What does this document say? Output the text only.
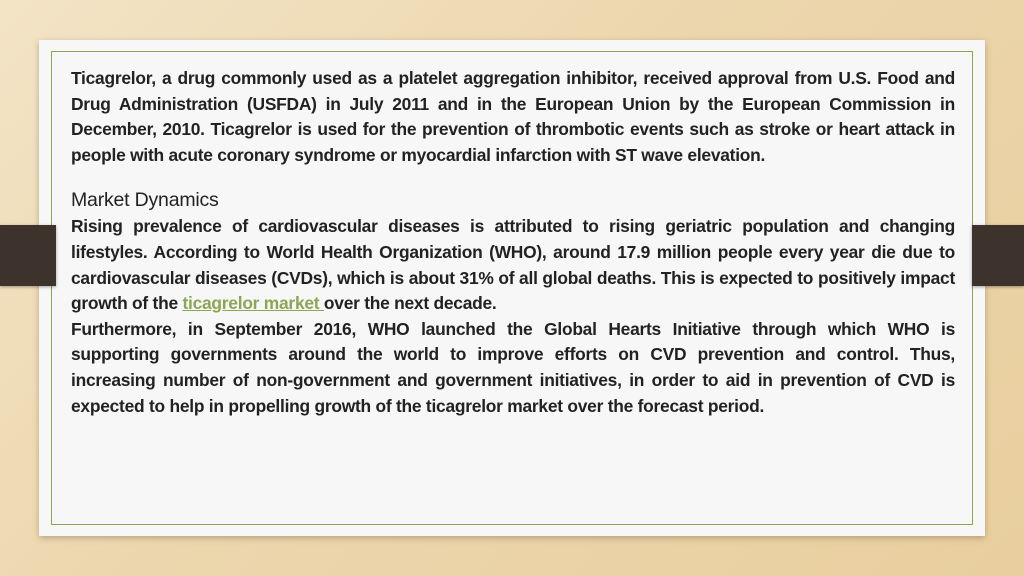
Ticagrelor, a drug commonly used as a platelet aggregation inhibitor, received approval from U.S. Food and Drug Administration (USFDA) in July 2011 and in the European Union by the European Commission in December, 2010. Ticagrelor is used for the prevention of thrombotic events such as stroke or heart attack in people with acute coronary syndrome or myocardial infarction with ST wave elevation.

Market Dynamics

Rising prevalence of cardiovascular diseases is attributed to rising geriatric population and changing lifestyles. According to World Health Organization (WHO), around 17.9 million people every year die due to cardiovascular diseases (CVDs), which is about 31% of all global deaths. This is expected to positively impact growth of the ticagrelor market over the next decade.

Furthermore, in September 2016, WHO launched the Global Hearts Initiative through which WHO is supporting governments around the world to improve efforts on CVD prevention and control. Thus, increasing number of non-government and government initiatives, in order to aid in prevention of CVD is expected to help in propelling growth of the ticagrelor market over the forecast period.
